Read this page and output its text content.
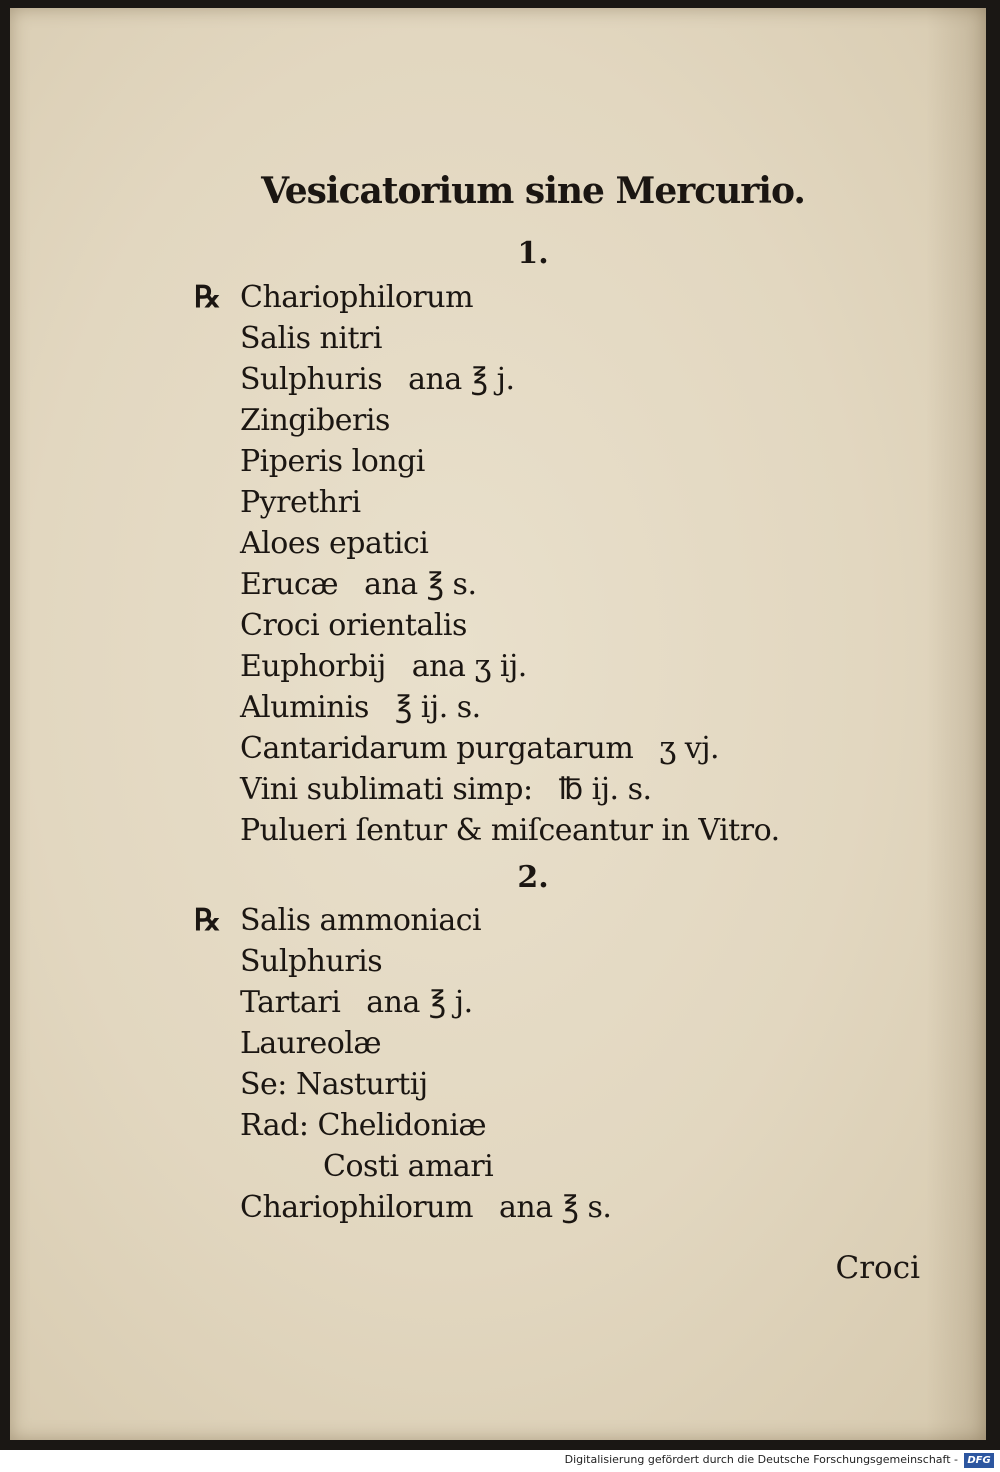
Vesicatorium sine Mercurio.
1.
℞ Chariophilorum
Salis nitri
Sulphuris ana ℥ j.
Zingiberis
Piperis longi
Pyrethri
Aloes epatici
Erucæ ana ℥ s.
Croci orientalis
Euphorbij ana ʒ ij.
Aluminis ℥ ij. s.
Cantaridarum purgatarum ʒ vj.
Vini sublimati simp: ℔ ij. s.
Pulueri ſentur & miſceantur in Vitro.
2.
℞ Salis ammoniaci
Sulphuris
Tartari ana ℥ j.
Laureolæ
Se: Nasturtij
Rad: Chelidoniæ
Costi amari
Chariophilorum ana ℥ s.
Croci
Digitalisierung gefördert durch die Deutsche Forschungsgemeinschaft - DFG
